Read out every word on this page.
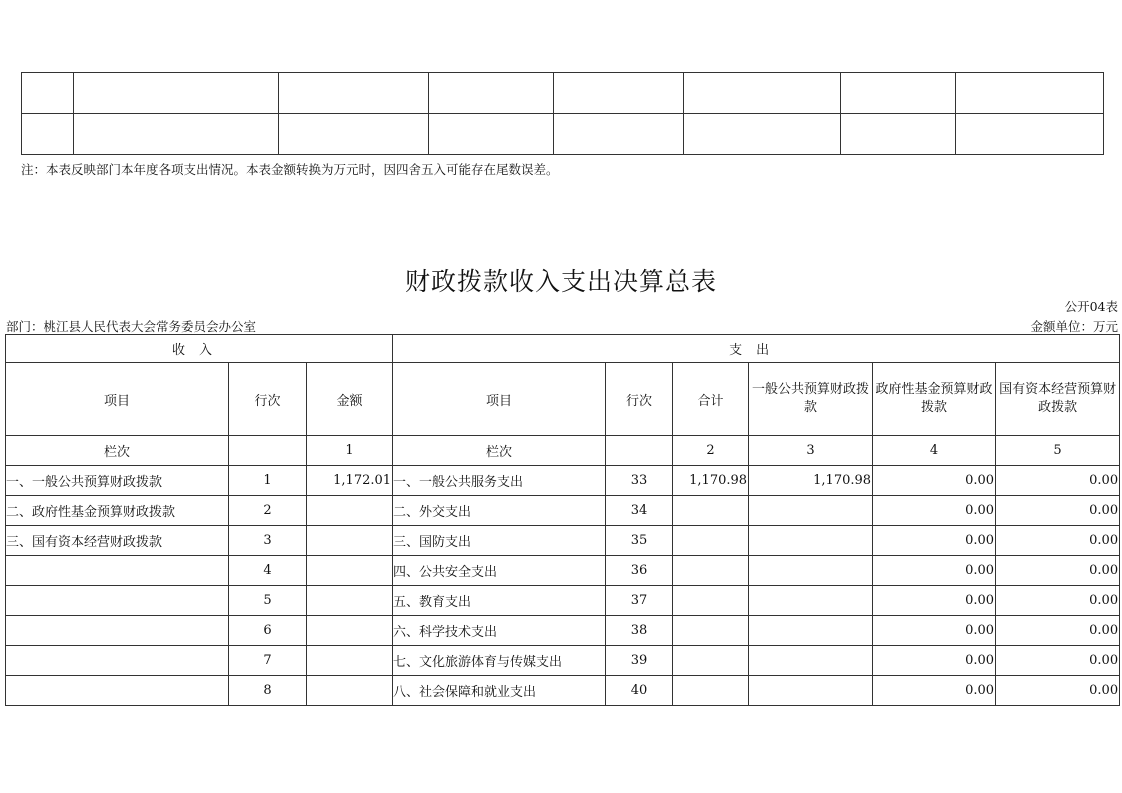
注：本表反映部门本年度各项支出情况。本表金额转换为万元时，因四舍五入可能存在尾数误差。
财政拨款收入支出决算总表
公开04表
部门：桃江县人民代表大会常务委员会办公室	金额单位：万元
收入			支出					
项目	行次	金额	项目	行次	合计	一般公共预算财政拨款	政府性基金预算财政拨款	国有资本经营预算财政拨款
栏次		1	栏次		2	3	4	5
一、一般公共预算财政拨款	1	1,172.01	一、一般公共服务支出	33	1,170.98	1,170.98	0.00	0.00
二、政府性基金预算财政拨款	2		二、外交支出	34			0.00	0.00
三、国有资本经营财政拨款	3		三、国防支出	35			0.00	0.00
	4		四、公共安全支出	36			0.00	0.00
	5		五、教育支出	37			0.00	0.00
	6		六、科学技术支出	38			0.00	0.00
	7		七、文化旅游体育与传媒支出	39			0.00	0.00
	8		八、社会保障和就业支出	40			0.00	0.00
